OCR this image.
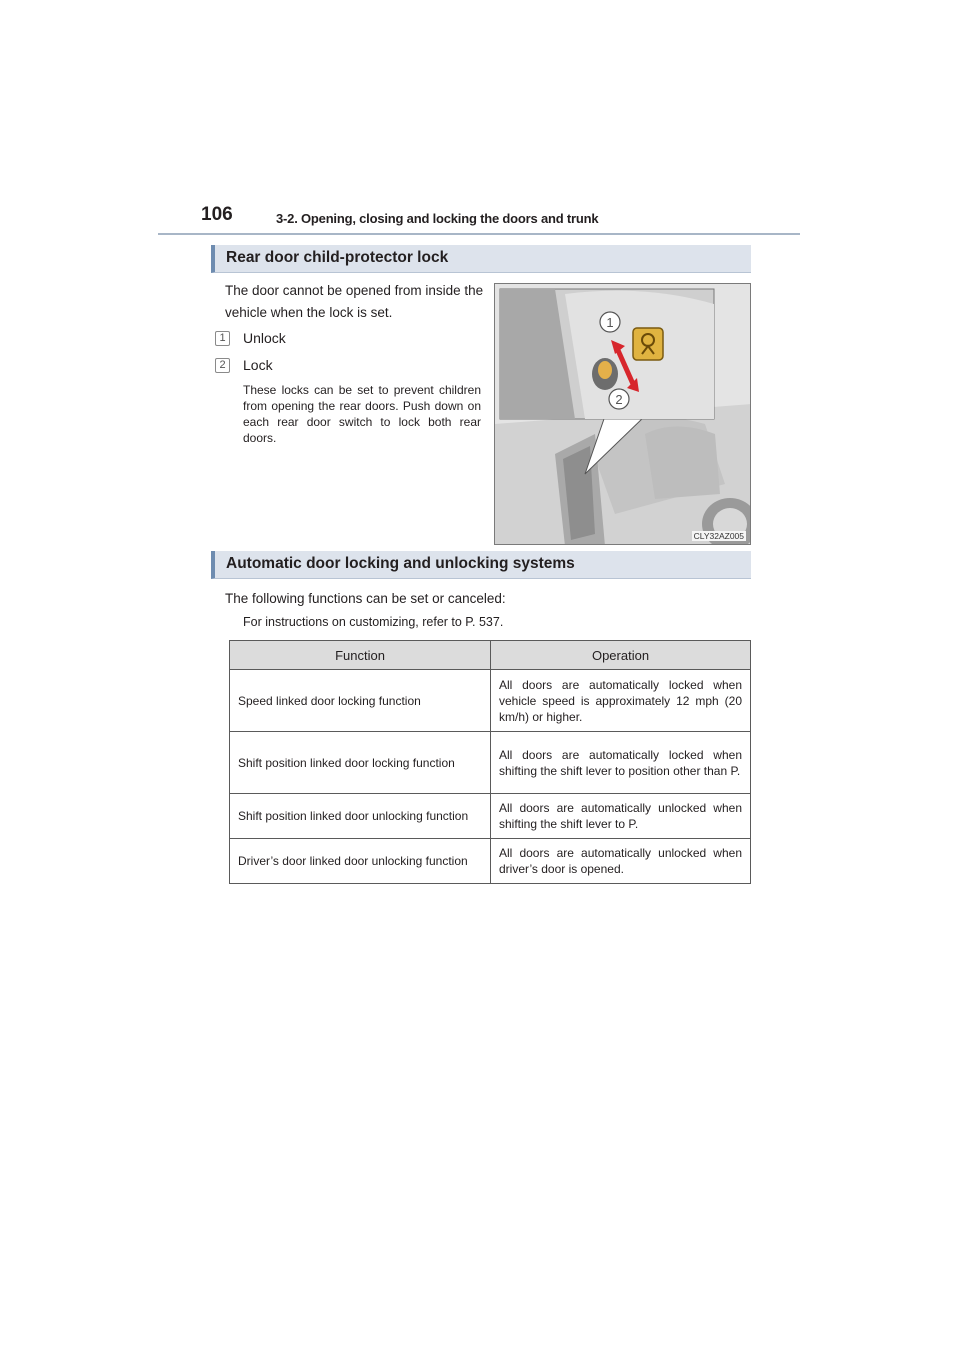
106	3-2. Opening, closing and locking the doors and trunk
Rear door child-protector lock
The door cannot be opened from inside the vehicle when the lock is set.
1	Unlock
2	Lock
These locks can be set to prevent children from opening the rear doors. Push down on each rear door switch to lock both rear doors.
1
2
CLY32AZ005
Automatic door locking and unlocking systems
The following functions can be set or canceled:
For instructions on customizing, refer to P. 537.
Function	Operation
Speed linked door locking function	All doors are automatically locked when vehicle speed is approximately 12 mph (20 km/h) or higher.
Shift position linked door locking function	All doors are automatically locked when shifting the shift lever to position other than P.
Shift position linked door unlocking function	All doors are automatically unlocked when shifting the shift lever to P.
Driver’s door linked door unlocking function	All doors are automatically unlocked when driver’s door is opened.
